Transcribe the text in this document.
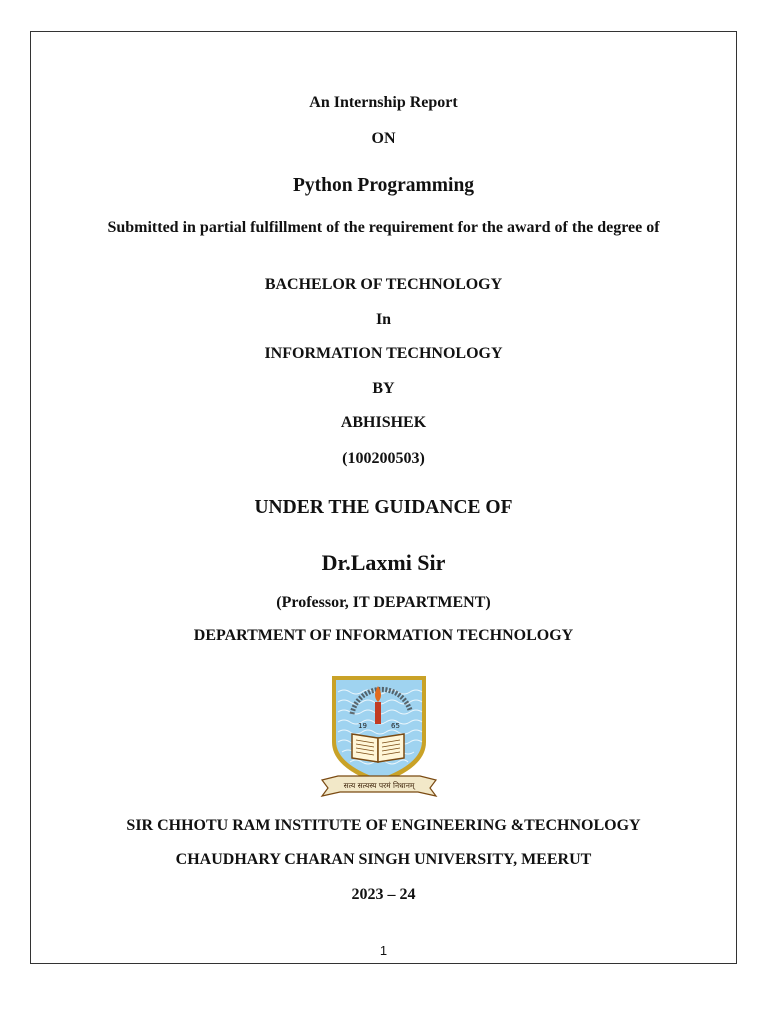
An Internship Report
ON
Python Programming
Submitted in partial fulfillment of the requirement for the award of the degree of
BACHELOR OF TECHNOLOGY
In
INFORMATION TECHNOLOGY
BY
ABHISHEK
(100200503)
UNDER THE GUIDANCE OF
Dr.Laxmi Sir
(Professor, IT DEPARTMENT)
DEPARTMENT OF INFORMATION TECHNOLOGY
19	65
सत्य सत्यस्य परमं निधानम्
SIR CHHOTU RAM INSTITUTE OF ENGINEERING &TECHNOLOGY
CHAUDHARY CHARAN SINGH UNIVERSITY, MEERUT
2023 – 24
1
